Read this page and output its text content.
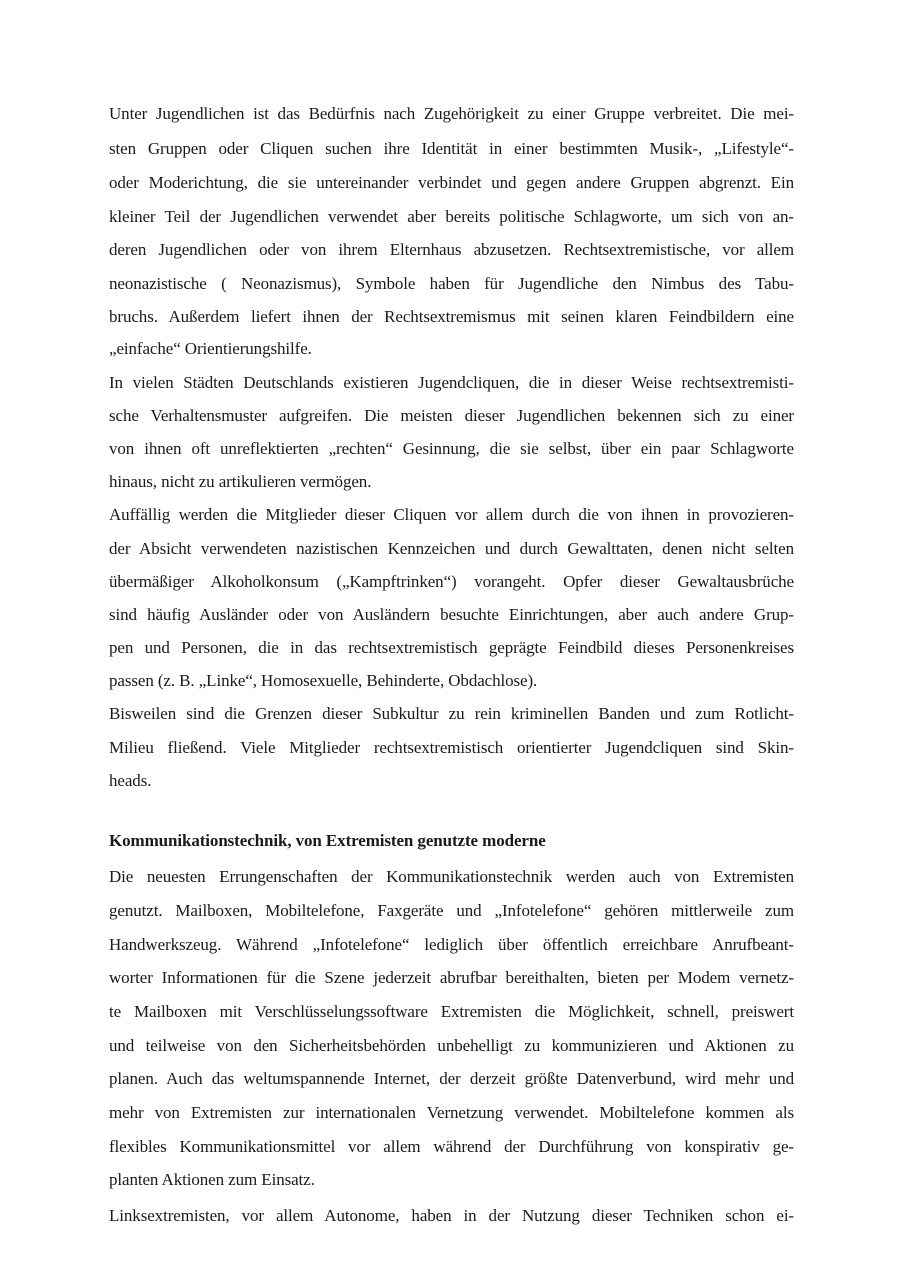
Unter Jugendlichen ist das Bedürfnis nach Zugehörigkeit zu einer Gruppe verbreitet. Die mei-
sten Gruppen oder Cliquen suchen ihre Identität in einer bestimmten Musik-, „Lifestyle“-
oder Moderichtung, die sie untereinander verbindet und gegen andere Gruppen abgrenzt. Ein
kleiner Teil der Jugendlichen verwendet aber bereits politische Schlagworte, um sich von an-
deren Jugendlichen oder von ihrem Elternhaus abzusetzen. Rechtsextremistische, vor allem
neonazistische ( Neonazismus), Symbole haben für Jugendliche den Nimbus des Tabu-
bruchs. Außerdem liefert ihnen der Rechtsextremismus mit seinen klaren Feindbildern eine
„einfache“ Orientierungshilfe.
In vielen Städten Deutschlands existieren Jugendcliquen, die in dieser Weise rechtsextremisti-
sche Verhaltensmuster aufgreifen. Die meisten dieser Jugendlichen bekennen sich zu einer
von ihnen oft unreflektierten „rechten“ Gesinnung, die sie selbst, über ein paar Schlagworte
hinaus, nicht zu artikulieren vermögen.
Auffällig werden die Mitglieder dieser Cliquen vor allem durch die von ihnen in provozieren-
der Absicht verwendeten nazistischen Kennzeichen und durch Gewalttaten, denen nicht selten
übermäßiger Alkoholkonsum („Kampftrinken“) vorangeht. Opfer dieser Gewaltausbrüche
sind häufig Ausländer oder von Ausländern besuchte Einrichtungen, aber auch andere Grup-
pen und Personen, die in das rechtsextremistisch geprägte Feindbild dieses Personenkreises
passen (z. B. „Linke“, Homosexuelle, Behinderte, Obdachlose).
Bisweilen sind die Grenzen dieser Subkultur zu rein kriminellen Banden und zum Rotlicht-
Milieu fließend. Viele Mitglieder rechtsextremistisch orientierter Jugendcliquen sind Skin-
heads.
Kommunikationstechnik, von Extremisten genutzte moderne
Die neuesten Errungenschaften der Kommunikationstechnik werden auch von Extremisten
genutzt. Mailboxen, Mobiltelefone, Faxgeräte und „Infotelefone“ gehören mittlerweile zum
Handwerkszeug. Während „Infotelefone“ lediglich über öffentlich erreichbare Anrufbeant-
worter Informationen für die Szene jederzeit abrufbar bereithalten, bieten per Modem vernetz-
te Mailboxen mit Verschlüsselungssoftware Extremisten die Möglichkeit, schnell, preiswert
und teilweise von den Sicherheitsbehörden unbehelligt zu kommunizieren und Aktionen zu
planen. Auch das weltumspannende Internet, der derzeit größte Datenverbund, wird mehr und
mehr von Extremisten zur internationalen Vernetzung verwendet. Mobiltelefone kommen als
flexibles Kommunikationsmittel vor allem während der Durchführung von konspirativ ge-
planten Aktionen zum Einsatz.
Linksextremisten, vor allem Autonome, haben in der Nutzung dieser Techniken schon ei-
